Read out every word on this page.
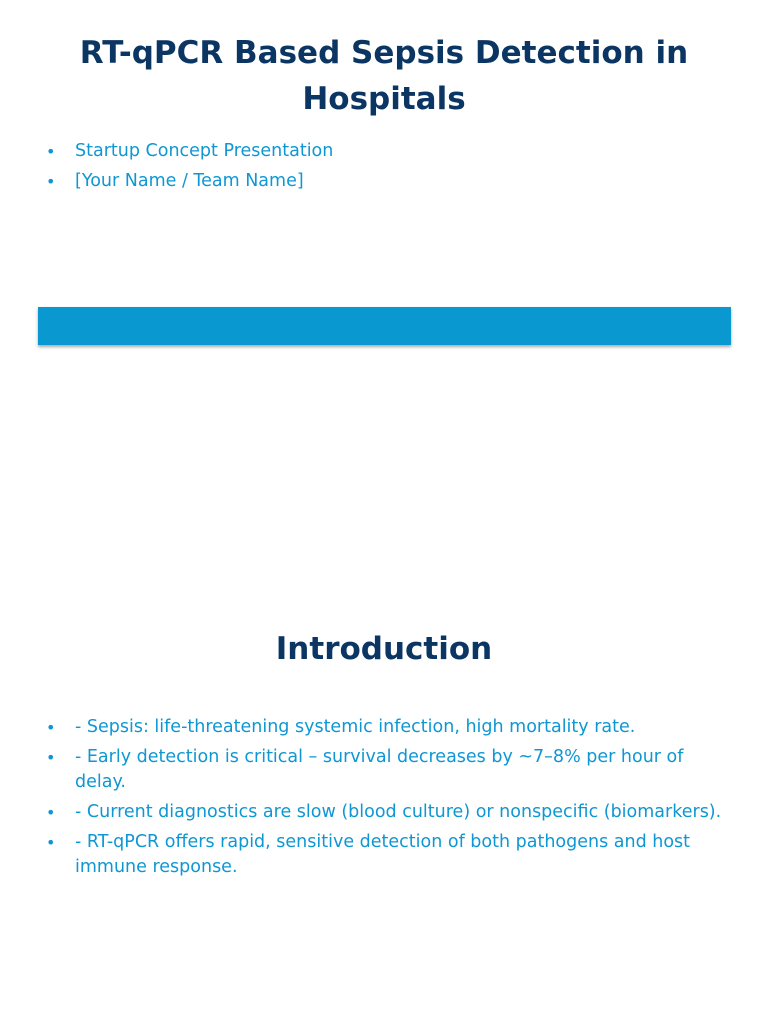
RT-qPCR Based Sepsis Detection in Hospitals
• Startup Concept Presentation
• [Your Name / Team Name]
Introduction
• - Sepsis: life-threatening systemic infection, high mortality rate.
• - Early detection is critical – survival decreases by ~7–8% per hour of delay.
• - Current diagnostics are slow (blood culture) or nonspecific (biomarkers).
• - RT-qPCR offers rapid, sensitive detection of both pathogens and host immune response.
